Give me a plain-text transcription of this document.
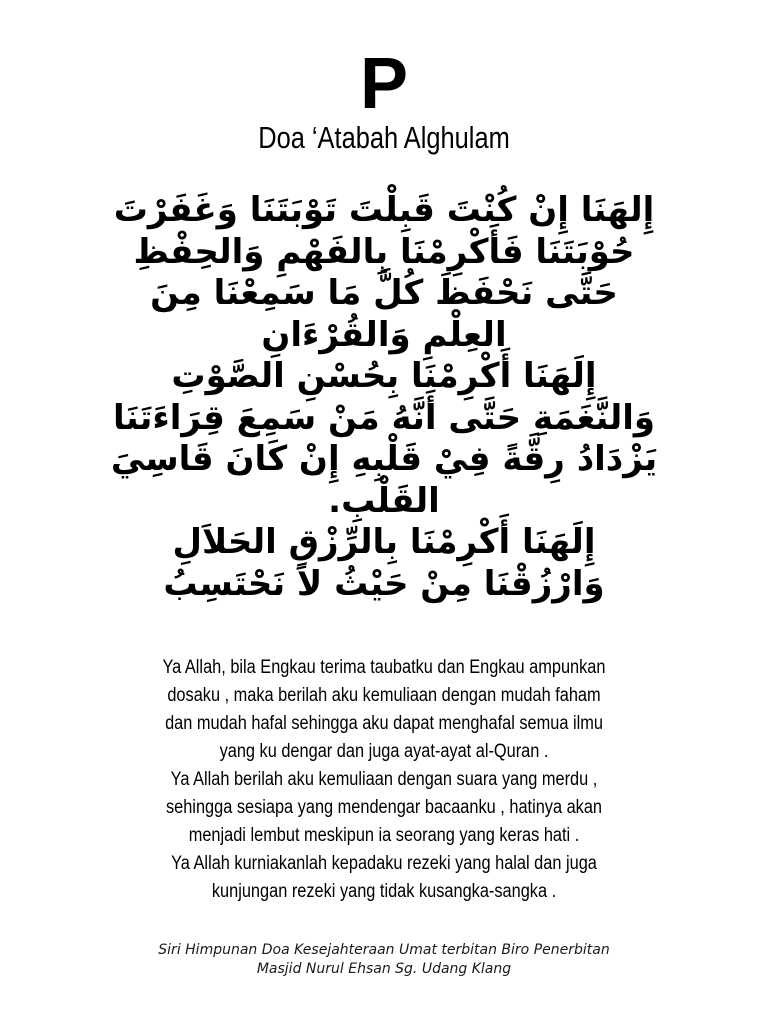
P
Doa ‘Atabah Alghulam
إِلهَنَا إِنْ كُنْتَ قَبِلْتَ تَوْبَتَنَا وَغَفَرْتَ
حُوْبَتَنَا فَأَكْرِمْنَا بِالفَهْمِ وَالحِفْظِ
حَتَّى نَحْفَظَ كُلَّ مَا سَمِعْنَا مِنَ
العِلْمِ وَالقُرْءَانِ
إِلَهَنَا أَكْرِمْنَا بِحُسْنِ الصَّوْتِ
وَالنَّغَمَةِ حَتَّى أَنَّهُ مَنْ سَمِعَ قِرَاءَتَنَا
يَزْدَادُ رِقَّةً فِيْ قَلْبِهِ إِنْ كَانَ قَاسِيَ
القَلْبِ.
إِلَهَنَا أَكْرِمْنَا بِالرِّزْقِ الحَلاَلِ
وَارْزُقْنَا مِنْ حَيْثُ لاَ نَحْتَسِبُ
Ya Allah, bila Engkau terima taubatku dan Engkau ampunkan
dosaku , maka berilah aku kemuliaan dengan mudah faham
dan mudah hafal sehingga aku dapat menghafal semua ilmu
yang ku dengar dan juga ayat-ayat al-Quran .
Ya Allah berilah aku kemuliaan dengan suara yang merdu ,
sehingga sesiapa yang mendengar bacaanku , hatinya akan
menjadi lembut meskipun ia seorang yang keras hati .
Ya Allah kurniakanlah kepadaku rezeki yang halal dan juga
kunjungan rezeki yang tidak kusangka-sangka .
Siri Himpunan Doa Kesejahteraan Umat terbitan Biro Penerbitan
Masjid Nurul Ehsan Sg. Udang Klang
